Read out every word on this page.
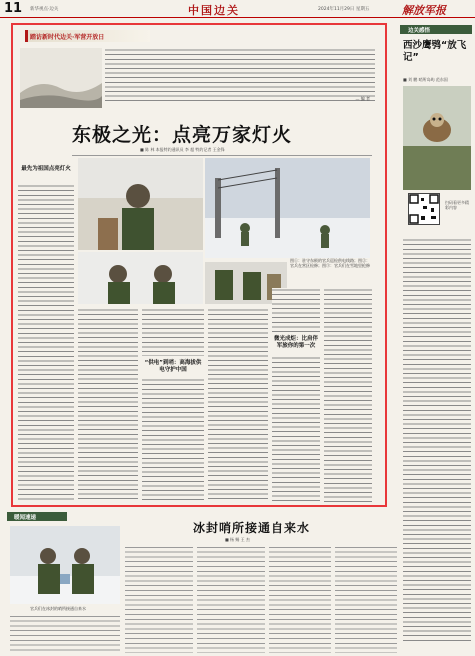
11 新华视点·边关	中国边关	2024年11月29日 星期五	解放军报
踏访新时代边关·军营开放日
— 编 者
东极之光：点亮万家灯火
■ 陈 林 本报特约通讯员 李 超 特约记者 王金锋
最先为祖国点亮灯火
图①：驻守东极的官兵巡检供电线路；图②：官兵在营区检修；图③：官兵们在雪地里抢修
“供电”到哨：高海拔供电守护中国
微光成炬：比肩伴军旅你的第一次
边关感悟
西沙鹰鸮“放飞记”
■ 刘 鹏 哨所岛屿 范东国
扫码看更多精彩内容
暖闻速递
冰封哨所接通自来水
■ 杨 赐 王 杰
官兵们在冰封的哨所接通自来水
